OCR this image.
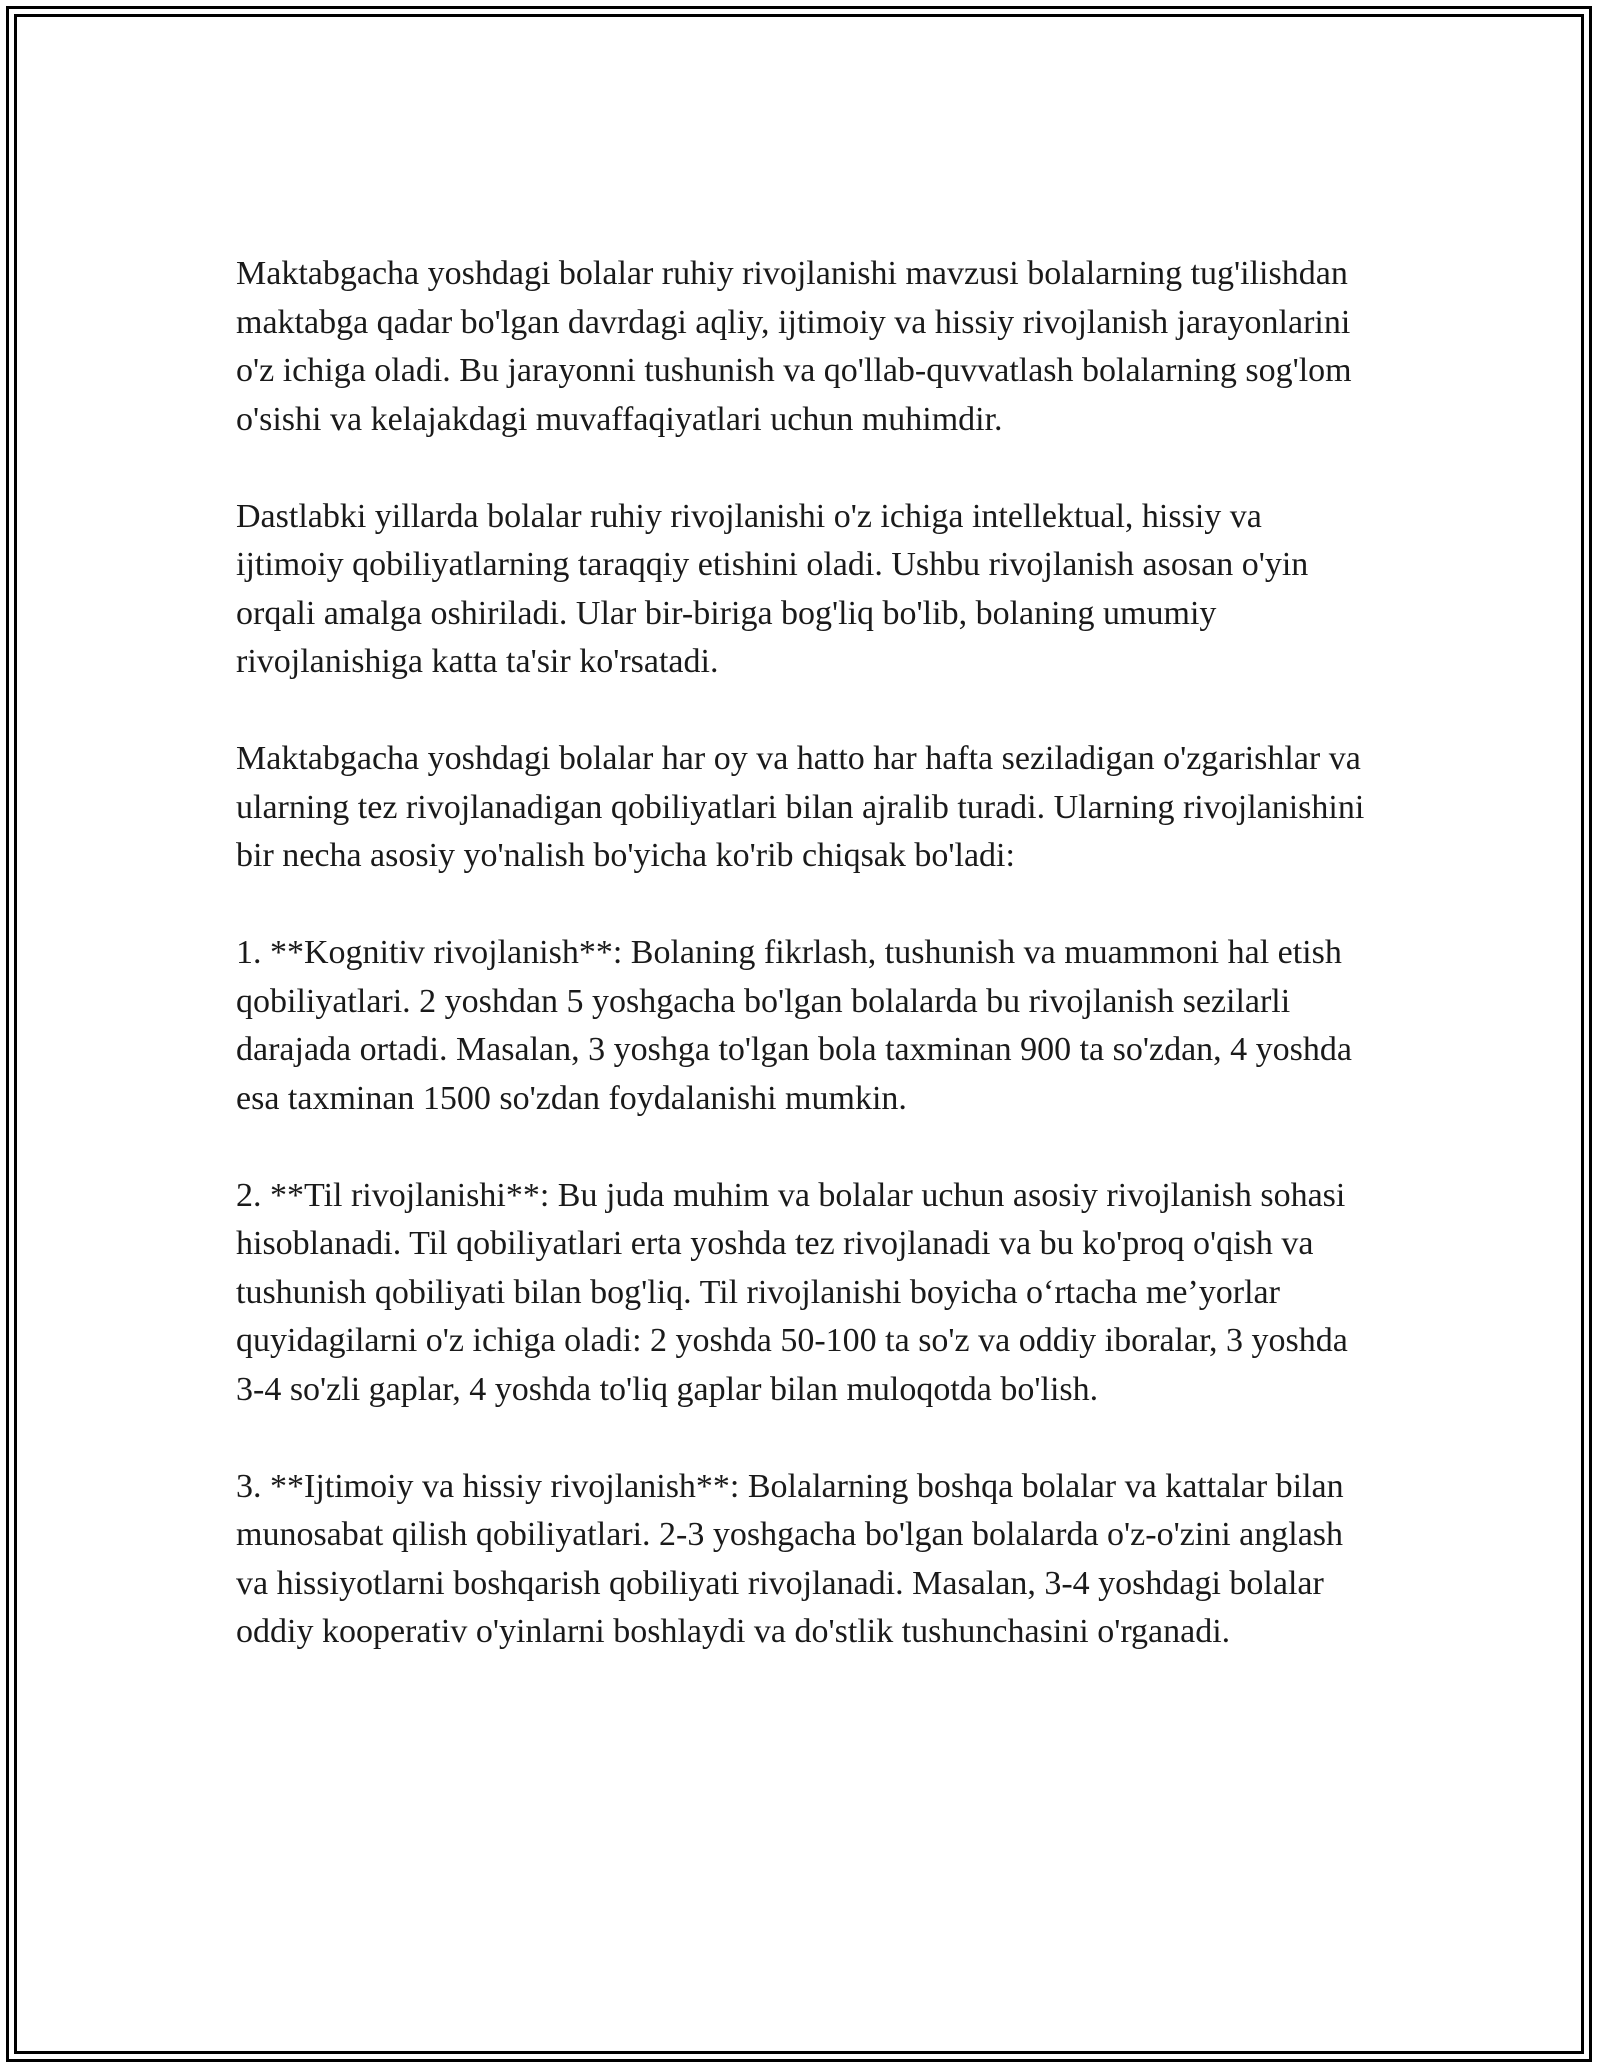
Maktabgacha yoshdagi bolalar ruhiy rivojlanishi mavzusi bolalarning tug'ilishdan maktabga qadar bo'lgan davrdagi aqliy, ijtimoiy va hissiy rivojlanish jarayonlarini o'z ichiga oladi. Bu jarayonni tushunish va qo'llab-quvvatlash bolalarning sog'lom o'sishi va kelajakdagi muvaffaqiyatlari uchun muhimdir.

Dastlabki yillarda bolalar ruhiy rivojlanishi o'z ichiga intellektual, hissiy va ijtimoiy qobiliyatlarning taraqqiy etishini oladi. Ushbu rivojlanish asosan o'yin orqali amalga oshiriladi. Ular bir-biriga bog'liq bo'lib, bolaning umumiy rivojlanishiga katta ta'sir ko'rsatadi.

Maktabgacha yoshdagi bolalar har oy va hatto har hafta seziladigan o'zgarishlar va ularning tez rivojlanadigan qobiliyatlari bilan ajralib turadi. Ularning rivojlanishini bir necha asosiy yo'nalish bo'yicha ko'rib chiqsak bo'ladi:

1. **Kognitiv rivojlanish**: Bolaning fikrlash, tushunish va muammoni hal etish qobiliyatlari. 2 yoshdan 5 yoshgacha bo'lgan bolalarda bu rivojlanish sezilarli darajada ortadi. Masalan, 3 yoshga to'lgan bola taxminan 900 ta so'zdan, 4 yoshda esa taxminan 1500 so'zdan foydalanishi mumkin.

2. **Til rivojlanishi**: Bu juda muhim va bolalar uchun asosiy rivojlanish sohasi hisoblanadi. Til qobiliyatlari erta yoshda tez rivojlanadi va bu ko'proq o'qish va tushunish qobiliyati bilan bog'liq. Til rivojlanishi boyicha o‘rtacha me’yorlar quyidagilarni o'z ichiga oladi: 2 yoshda 50-100 ta so'z va oddiy iboralar, 3 yoshda 3-4 so'zli gaplar, 4 yoshda to'liq gaplar bilan muloqotda bo'lish.

3. **Ijtimoiy va hissiy rivojlanish**: Bolalarning boshqa bolalar va kattalar bilan munosabat qilish qobiliyatlari. 2-3 yoshgacha bo'lgan bolalarda o'z-o'zini anglash va hissiyotlarni boshqarish qobiliyati rivojlanadi. Masalan, 3-4 yoshdagi bolalar oddiy kooperativ o'yinlarni boshlaydi va do'stlik tushunchasini o'rganadi.
